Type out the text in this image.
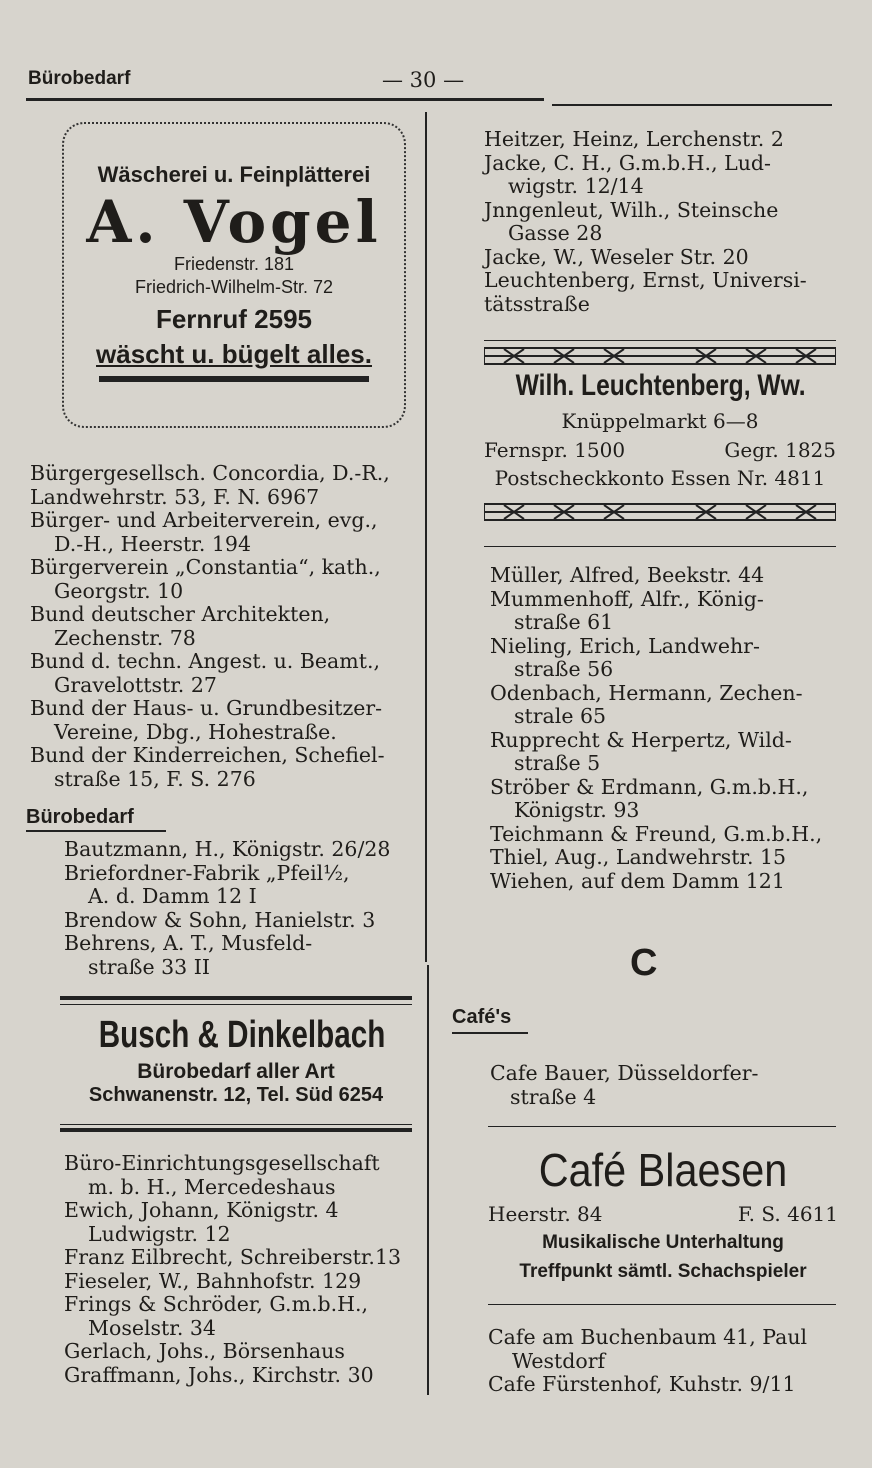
Bürobedarf	— 30 —
Wäscherei u. Feinplätterei
A. Vogel
Friedenstr. 181
Friedrich-Wilhelm-Str. 72
Fernruf 2595
wäscht u. bügelt alles.
Bürgergesellsch. Concordia, D.-R.,
Landwehrstr. 53, F. N. 6967
Bürger- und Arbeiterverein, evg.,
D.-H., Heerstr. 194
Bürgerverein „Constantia“, kath.,
Georgstr. 10
Bund deutscher Architekten,
Zechenstr. 78
Bund d. techn. Angest. u. Beamt.,
Gravelottstr. 27
Bund der Haus- u. Grundbesitzer-
Vereine, Dbg., Hohestraße.
Bund der Kinderreichen, Schefiel-
straße 15, F. S. 276
Bürobedarf
Bautzmann, H., Königstr. 26/28
Briefordner-Fabrik „Pfeil½,
A. d. Damm 12 I
Brendow & Sohn, Hanielstr. 3
Behrens, A. T., Musfeld-
straße 33 II
Busch & Dinkelbach
Bürobedarf aller Art
Schwanenstr. 12, Tel. Süd 6254
Büro-Einrichtungsgesellschaft
m. b. H., Mercedeshaus
Ewich, Johann, Königstr. 4
Ludwigstr. 12
Franz Eilbrecht, Schreiberstr.13
Fieseler, W., Bahnhofstr. 129
Frings & Schröder, G.m.b.H.,
Moselstr. 34
Gerlach, Johs., Börsenhaus
Graffmann, Johs., Kirchstr. 30
Heitzer, Heinz, Lerchenstr. 2
Jacke, C. H., G.m.b.H., Lud-
wigstr. 12/14
Jnngenleut, Wilh., Steinsche
Gasse 28
Jacke, W., Weseler Str. 20
Leuchtenberg, Ernst, Universi-
tätsstraße
Wilh. Leuchtenberg, Ww.
Knüppelmarkt 6—8
Fernspr. 1500	Gegr. 1825
Postscheckkonto Essen Nr. 4811
Müller, Alfred, Beekstr. 44
Mummenhoff, Alfr., König-
straße 61
Nieling, Erich, Landwehr-
straße 56
Odenbach, Hermann, Zechen-
strale 65
Rupprecht & Herpertz, Wild-
straße 5
Ströber & Erdmann, G.m.b.H.,
Königstr. 93
Teichmann & Freund, G.m.b.H.,
Thiel, Aug., Landwehrstr. 15
Wiehen, auf dem Damm 121
C
Café's
Cafe Bauer, Düsseldorfer-
straße 4
Café Blaesen
Heerstr. 84	F. S. 4611
Musikalische Unterhaltung
Treffpunkt sämtl. Schachspieler
Cafe am Buchenbaum 41, Paul
Westdorf
Cafe Fürstenhof, Kuhstr. 9/11
